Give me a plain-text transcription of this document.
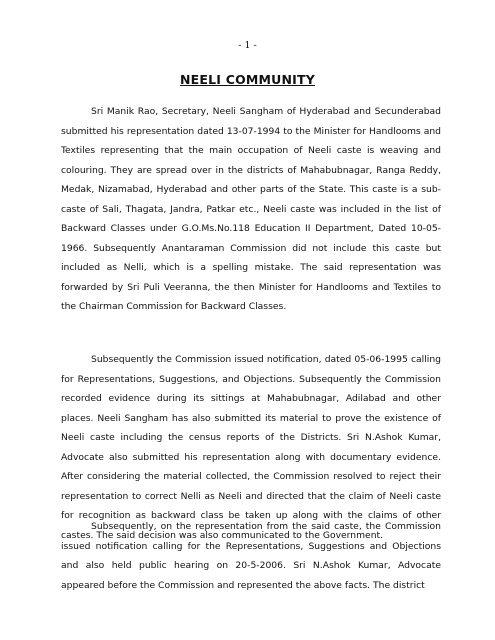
- 1 -
NEELI COMMUNITY

Sri Manik Rao, Secretary, Neeli Sangham of Hyderabad and Secunderabad submitted his representation dated 13-07-1994 to the Minister for Handlooms and Textiles representing that the main occupation of Neeli caste is weaving and colouring. They are spread over in the districts of Mahabubnagar, Ranga Reddy, Medak, Nizamabad, Hyderabad and other parts of the State. This caste is a sub-caste of Sali, Thagata, Jandra, Patkar etc., Neeli caste was included in the list of Backward Classes under G.O.Ms.No.118 Education II Department, Dated 10-05-1966. Subsequently Anantaraman Commission did not include this caste but included as Nelli, which is a spelling mistake. The said representation was forwarded by Sri Puli Veeranna, the then Minister for Handlooms and Textiles to the Chairman Commission for Backward Classes.

Subsequently the Commission issued notification, dated 05-06-1995 calling for Representations, Suggestions, and Objections. Subsequently the Commission recorded evidence during its sittings at Mahabubnagar, Adilabad and other places. Neeli Sangham has also submitted its material to prove the existence of Neeli caste including the census reports of the Districts. Sri N.Ashok Kumar, Advocate also submitted his representation along with documentary evidence. After considering the material collected, the Commission resolved to reject their representation to correct Nelli as Neeli and directed that the claim of Neeli caste for recognition as backward class be taken up along with the claims of other castes. The said decision was also communicated to the Government.

Subsequently, on the representation from the said caste, the Commission issued notification calling for the Representations, Suggestions and Objections and also held public hearing on 20-5-2006. Sri N.Ashok Kumar, Advocate appeared before the Commission and represented the above facts. The district
